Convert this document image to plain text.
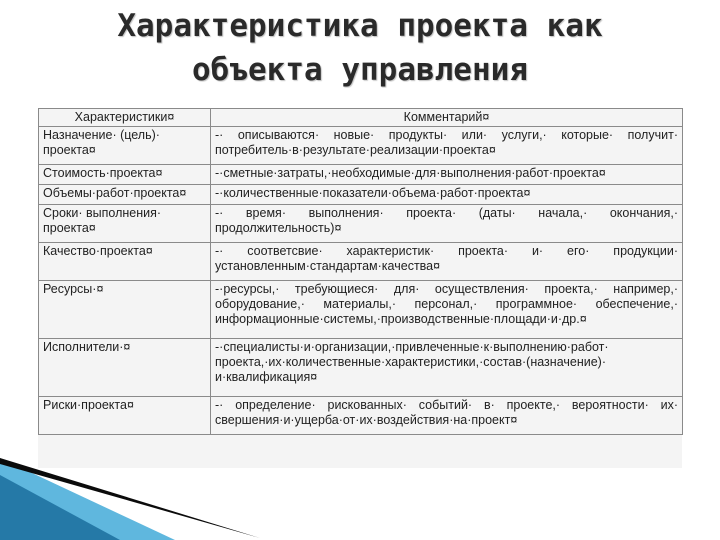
Характеристика проекта как
объекта управления
Характеристики¤	Комментарий¤
Назначение· (цель)· проекта¤	-· описываются· новые· продукты· или· услуги,· которые· получит· потребитель·в·результате·реализации·проекта¤
Стоимость·проекта¤	-·сметные·затраты,·необходимые·для·выполнения·работ·проекта¤
Объемы·работ·проекта¤	-·количественные·показатели·объема·работ·проекта¤
Сроки· выполнения· проекта¤	-· время· выполнения· проекта· (даты· начала,· окончания,· продолжительность)¤
Качество·проекта¤	-· соответсвие· характеристик· проекта· и· его· продукции· установленным·стандартам·качества¤
Ресурсы·¤	-·ресурсы,· требующиеся· для· осуществления· проекта,· например,· оборудование,· материалы,· персонал,· программное· обеспечение,· информационные·системы,·производственные·площади·и·др.¤
Исполнители·¤	-·специалисты·и·организации,·привлеченные·к·выполнению·работ· проекта,·их·количественные·характеристики,·состав·(назначение)· и·квалификация¤
Риски·проекта¤	-· определение· рискованных· событий· в· проекте,· вероятности· их· свершения·и·ущерба·от·их·воздействия·на·проект¤
